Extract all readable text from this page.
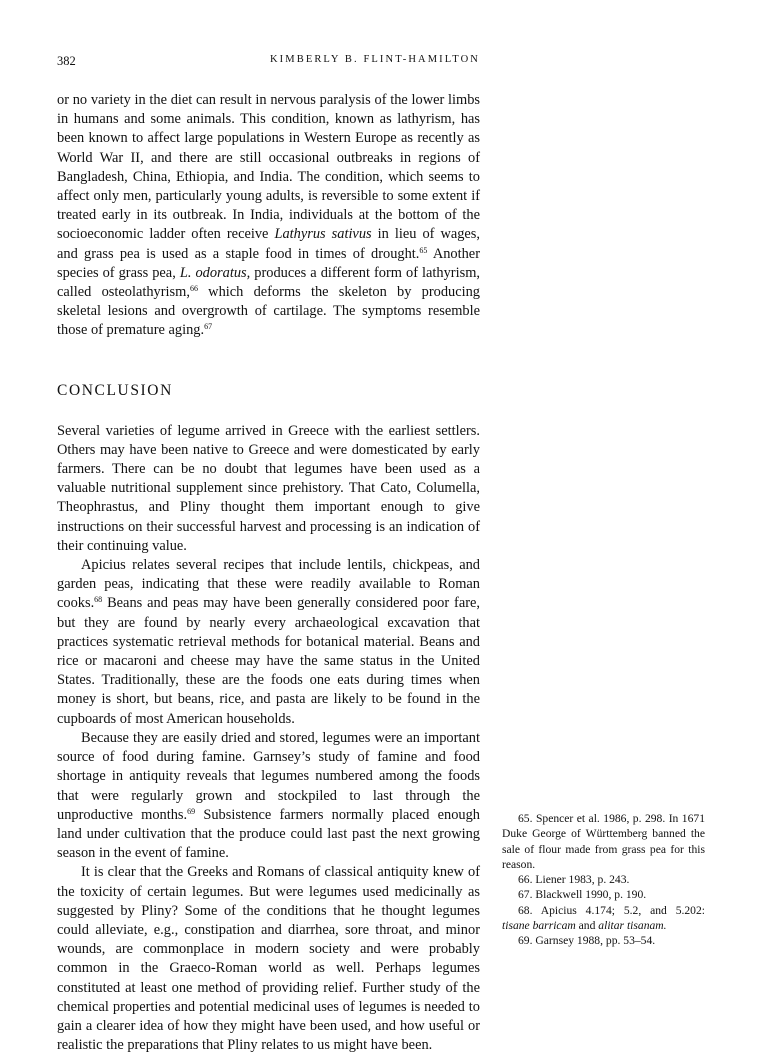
382	KIMBERLY B. FLINT-HAMILTON

or no variety in the diet can result in nervous paralysis of the lower limbs in humans and some animals. This condition, known as lathyrism, has been known to affect large populations in Western Europe as recently as World War II, and there are still occasional outbreaks in regions of Bangladesh, China, Ethiopia, and India. The condition, which seems to affect only men, particularly young adults, is reversible to some extent if treated early in its outbreak. In India, individuals at the bottom of the socioeconomic ladder often receive Lathyrus sativus in lieu of wages, and grass pea is used as a staple food in times of drought.$^{65}$ Another species of grass pea, L. odoratus, produces a different form of lathyrism, called osteolathyrism,$^{66}$ which deforms the skeleton by producing skeletal lesions and overgrowth of cartilage. The symptoms resemble those of premature aging.$^{67}$

CONCLUSION

Several varieties of legume arrived in Greece with the earliest settlers. Others may have been native to Greece and were domesticated by early farmers. There can be no doubt that legumes have been used as a valuable nutritional supplement since prehistory. That Cato, Columella, Theophrastus, and Pliny thought them important enough to give instructions on their successful harvest and processing is an indication of their continuing value.

Apicius relates several recipes that include lentils, chickpeas, and garden peas, indicating that these were readily available to Roman cooks.$^{68}$ Beans and peas may have been generally considered poor fare, but they are found by nearly every archaeological excavation that practices systematic retrieval methods for botanical material. Beans and rice or macaroni and cheese may have the same status in the United States. Traditionally, these are the foods one eats during times when money is short, but beans, rice, and pasta are likely to be found in the cupboards of most American households.

Because they are easily dried and stored, legumes were an important source of food during famine. Garnsey’s study of famine and food shortage in antiquity reveals that legumes numbered among the foods that were regularly grown and stockpiled to last through the unproductive months.$^{69}$ Subsistence farmers normally placed enough land under cultivation that the produce could last past the next growing season in the event of famine.

It is clear that the Greeks and Romans of classical antiquity knew of the toxicity of certain legumes. But were legumes used medicinally as suggested by Pliny? Some of the conditions that he thought legumes could alleviate, e.g., constipation and diarrhea, sore throat, and minor wounds, are commonplace in modern society and were probably common in the Graeco-Roman world as well. Perhaps legumes constituted at least one method of providing relief. Further study of the chemical properties and potential medicinal uses of legumes is needed to gain a clearer idea of how they might have been used, and how useful or realistic the preparations that Pliny relates to us might have been.

65. Spencer et al. 1986, p. 298. In 1671 Duke George of Württemberg banned the sale of flour made from grass pea for this reason.

66. Liener 1983, p. 243.

67. Blackwell 1990, p. 190.

68. Apicius 4.174; 5.2, and 5.202: tisane barricam and alitar tisanam.

69. Garnsey 1988, pp. 53–54.
